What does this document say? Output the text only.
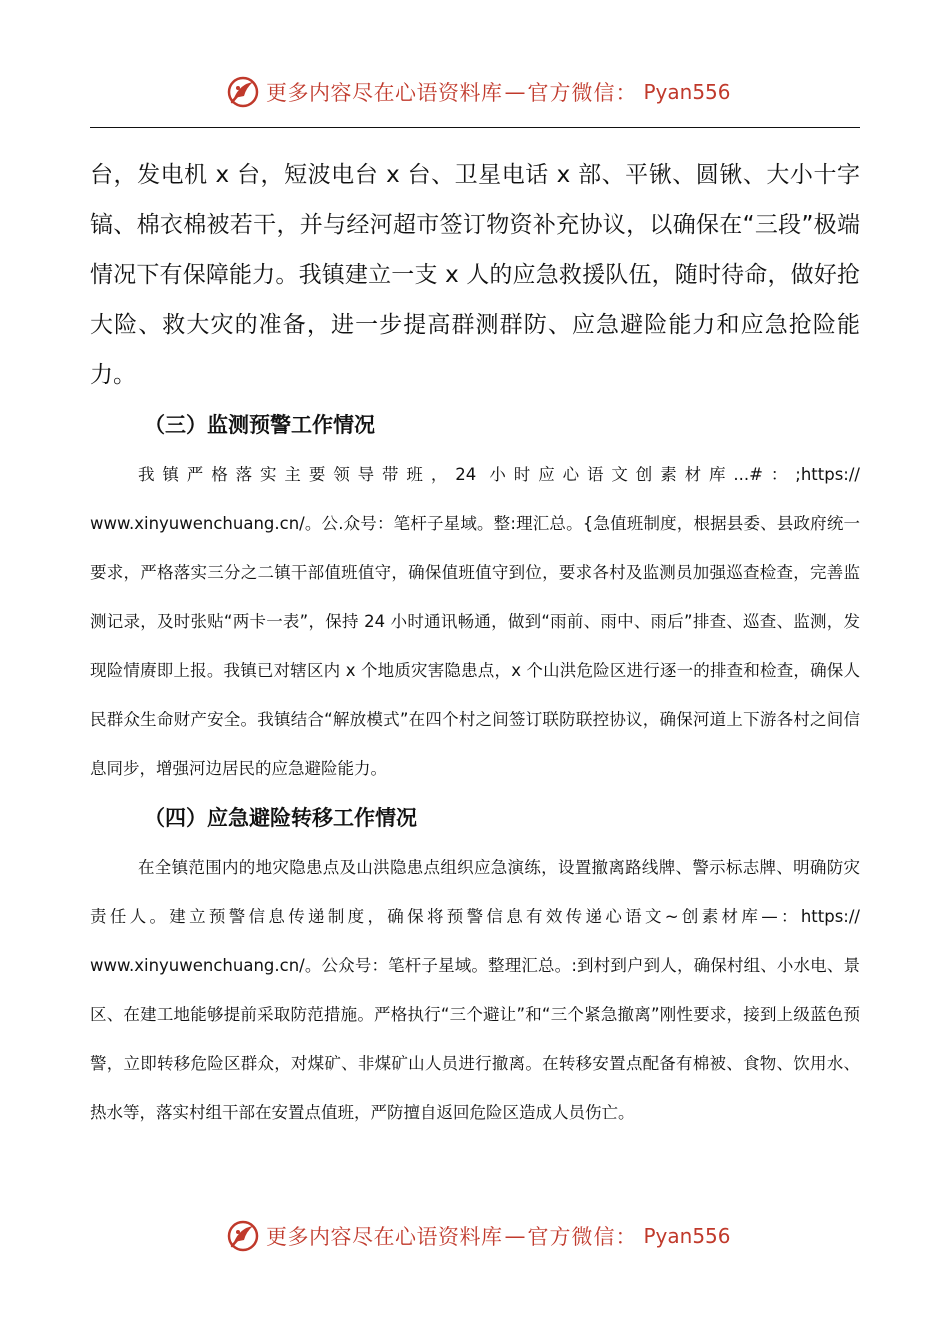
更多内容尽在心语资料库 — 官方微信： Pyan556

台，发电机 x 台，短波电台 x 台、卫星电话 x 部、平锹、圆锹、大小十字镐、棉衣棉被若干，并与经河超市签订物资补充协议，以确保在“三段”极端情况下有保障能力。我镇建立一支 x 人的应急救援队伍，随时待命，做好抢大险、救大灾的准备，进一步提高群测群防、应急避险能力和应急抢险能力。

（三）监测预警工作情况

我镇严格落实主要领导带班，24 小时应心语文创素材库...#：;https:// www.xinyuwenchuang.cn/。公.众号：笔杆子星域。整:理汇总。{急值班制度，根据县委、县政府统一要求，严格落实三分之二镇干部值班值守，确保值班值守到位，要求各村及监测员加强巡查检查，完善监测记录，及时张贴“两卡一表”，保持 24 小时通讯畅通，做到“雨前、雨中、雨后”排查、巡查、监测，发现险情赓即上报。我镇已对辖区内 x 个地质灾害隐患点，x 个山洪危险区进行逐一的排查和检查，确保人民群众生命财产安全。我镇结合“解放模式”在四个村之间签订联防联控协议，确保河道上下游各村之间信息同步，增强河边居民的应急避险能力。

（四）应急避险转移工作情况

在全镇范围内的地灾隐患点及山洪隐患点组织应急演练，设置撤离路线牌、警示标志牌、明确防灾责任人。建立预警信息传递制度，确保将预警信息有效传递心语文~创素材库—：https:// www.xinyuwenchuang.cn/。公众号：笔杆子星域。整理汇总。:到村到户到人，确保村组、小水电、景区、在建工地能够提前采取防范措施。严格执行“三个避让”和“三个紧急撤离”刚性要求，接到上级蓝色预警，立即转移危险区群众，对煤矿、非煤矿山人员进行撤离。在转移安置点配备有棉被、食物、饮用水、热水等，落实村组干部在安置点值班，严防擅自返回危险区造成人员伤亡。

更多内容尽在心语资料库 — 官方微信： Pyan556
